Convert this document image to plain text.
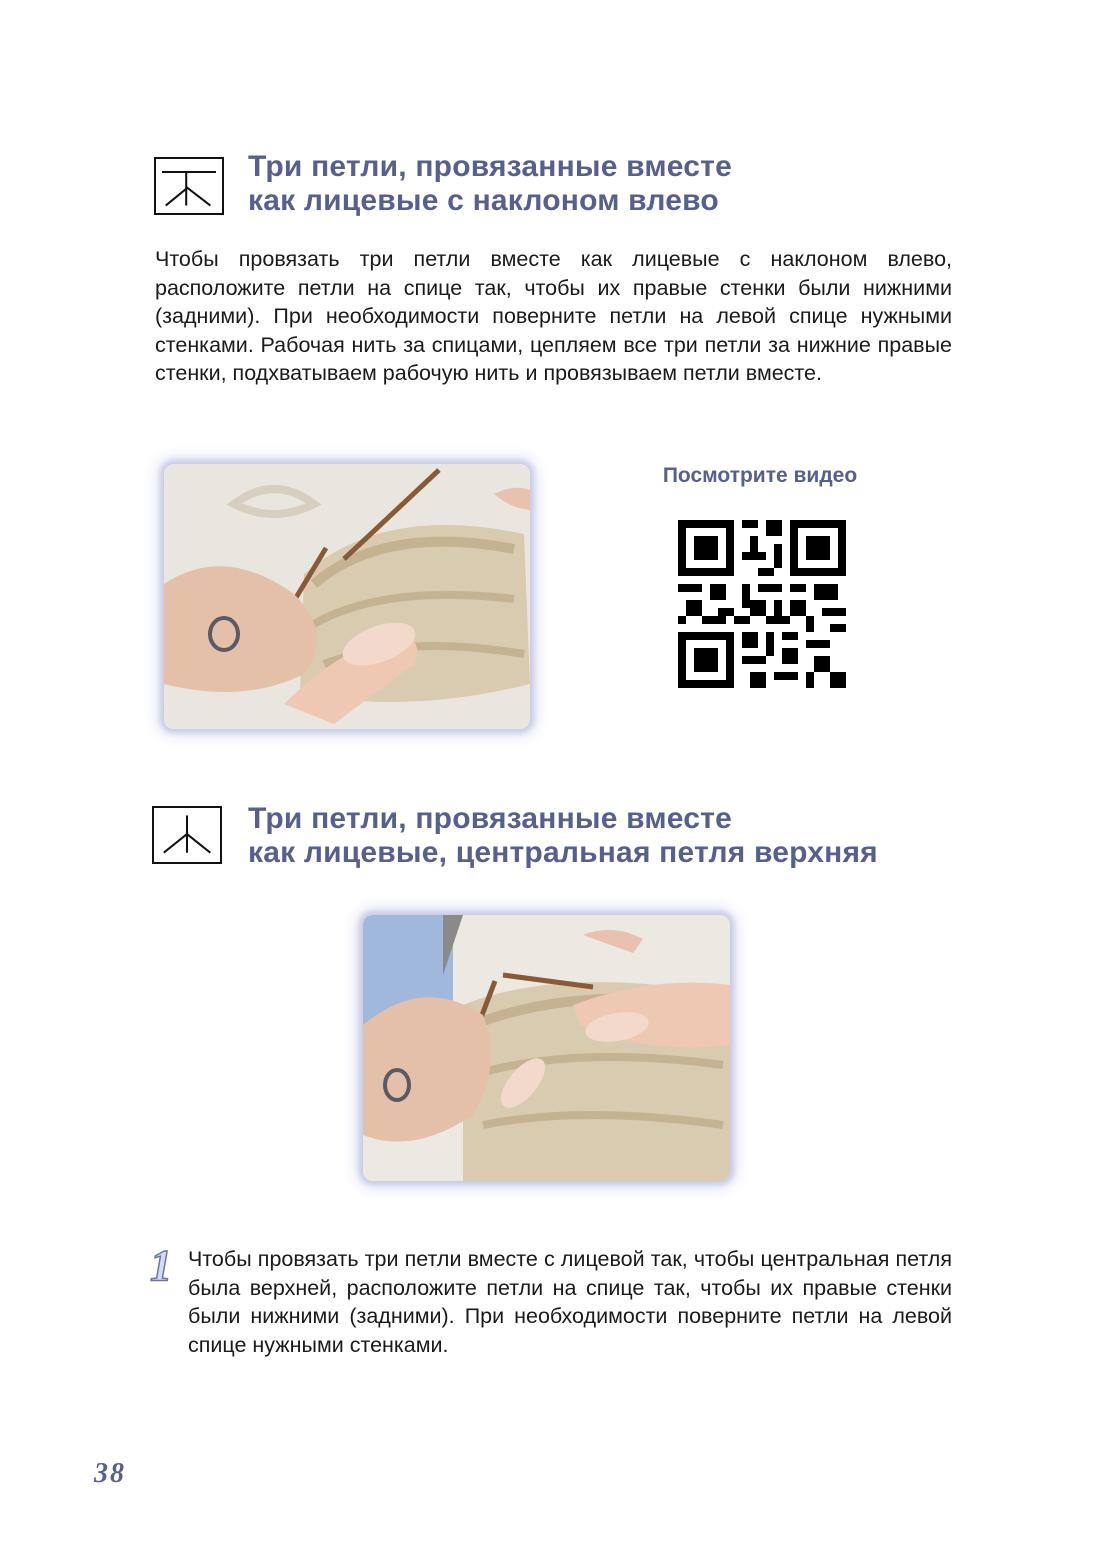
Три петли, провязанные вместе
как лицевые с наклоном влево

Чтобы провязать три петли вместе как лицевые с наклоном влево, расположите петли на спице так, чтобы их правые стенки были нижними (задними). При необходимости поверните петли на левой спице нужными стенками. Рабочая нить за спицами, цепляем все три петли за нижние правые стенки, подхватываем рабочую нить и провязываем петли вместе.

Посмотрите видео
Три петли, провязанные вместе
как лицевые, центральная петля верхняя
1 Чтобы провязать три петли вместе с лицевой так, чтобы центральная петля была верхней, расположите петли на спице так, чтобы их правые стенки были нижними (задними). При необходимости поверните петли на левой спице нужными стенками.

38
